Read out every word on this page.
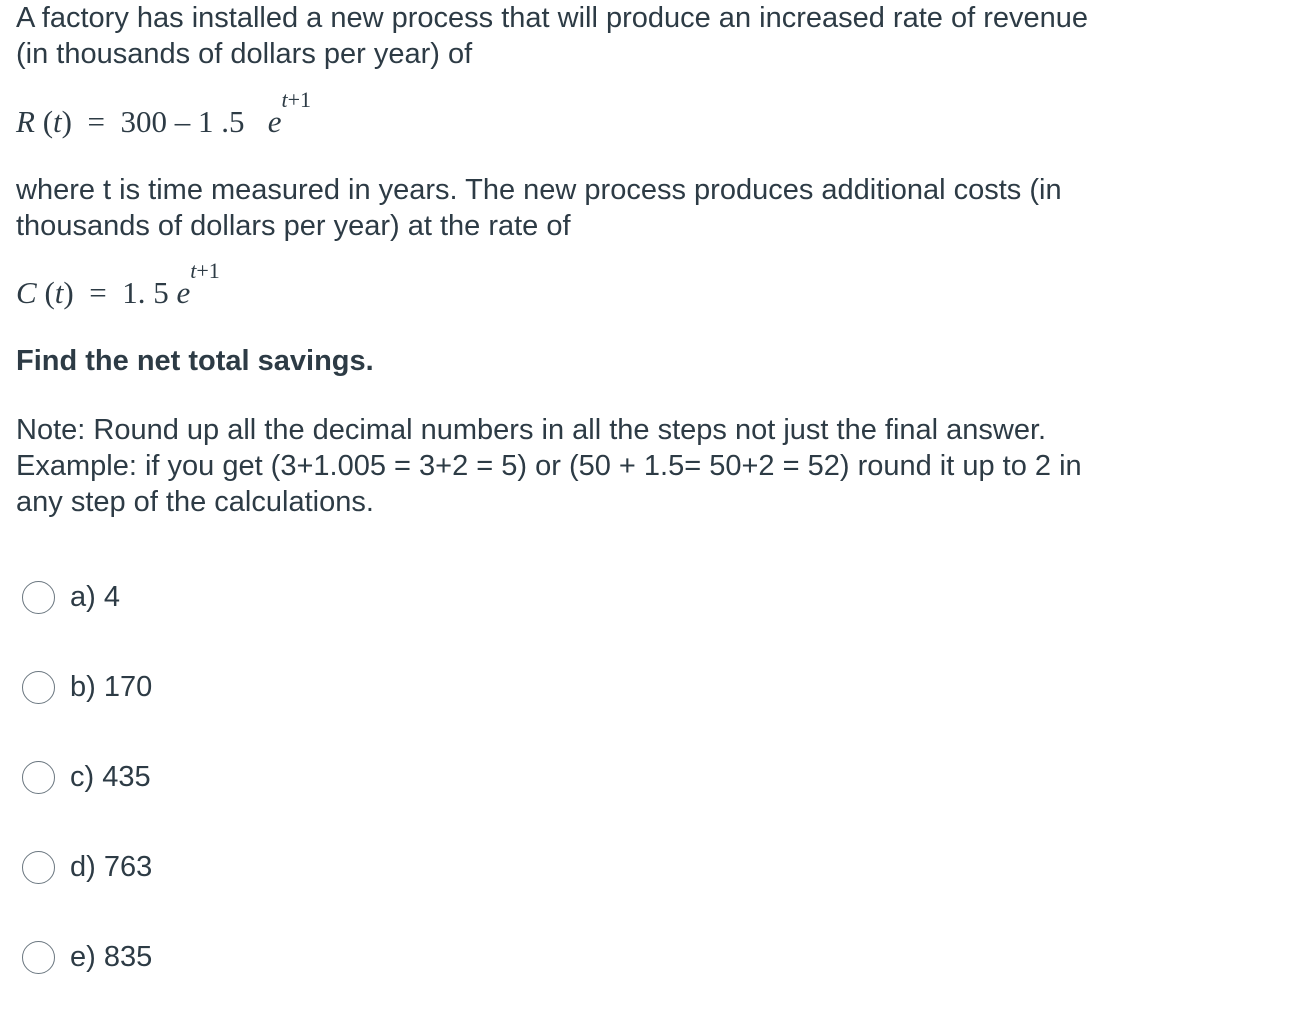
A factory has installed a new process that will produce an increased rate of revenue

(in thousands of dollars per year) of

R (t)  =  300 – 1 .5 $e^{t+1}$

where t is time measured in years. The new process produces additional costs (in

thousands of dollars per year) at the rate of

C (t)  =  1. 5 $e^{t+1}$

Find the net total savings.

Note: Round up all the decimal numbers in all the steps not just the final answer.

Example: if you get (3+1.005 = 3+2 = 5) or (50 + 1.5= 50+2 = 52) round it up to 2 in

any step of the calculations.

a) 4
b) 170
c) 435
d) 763
e) 835
